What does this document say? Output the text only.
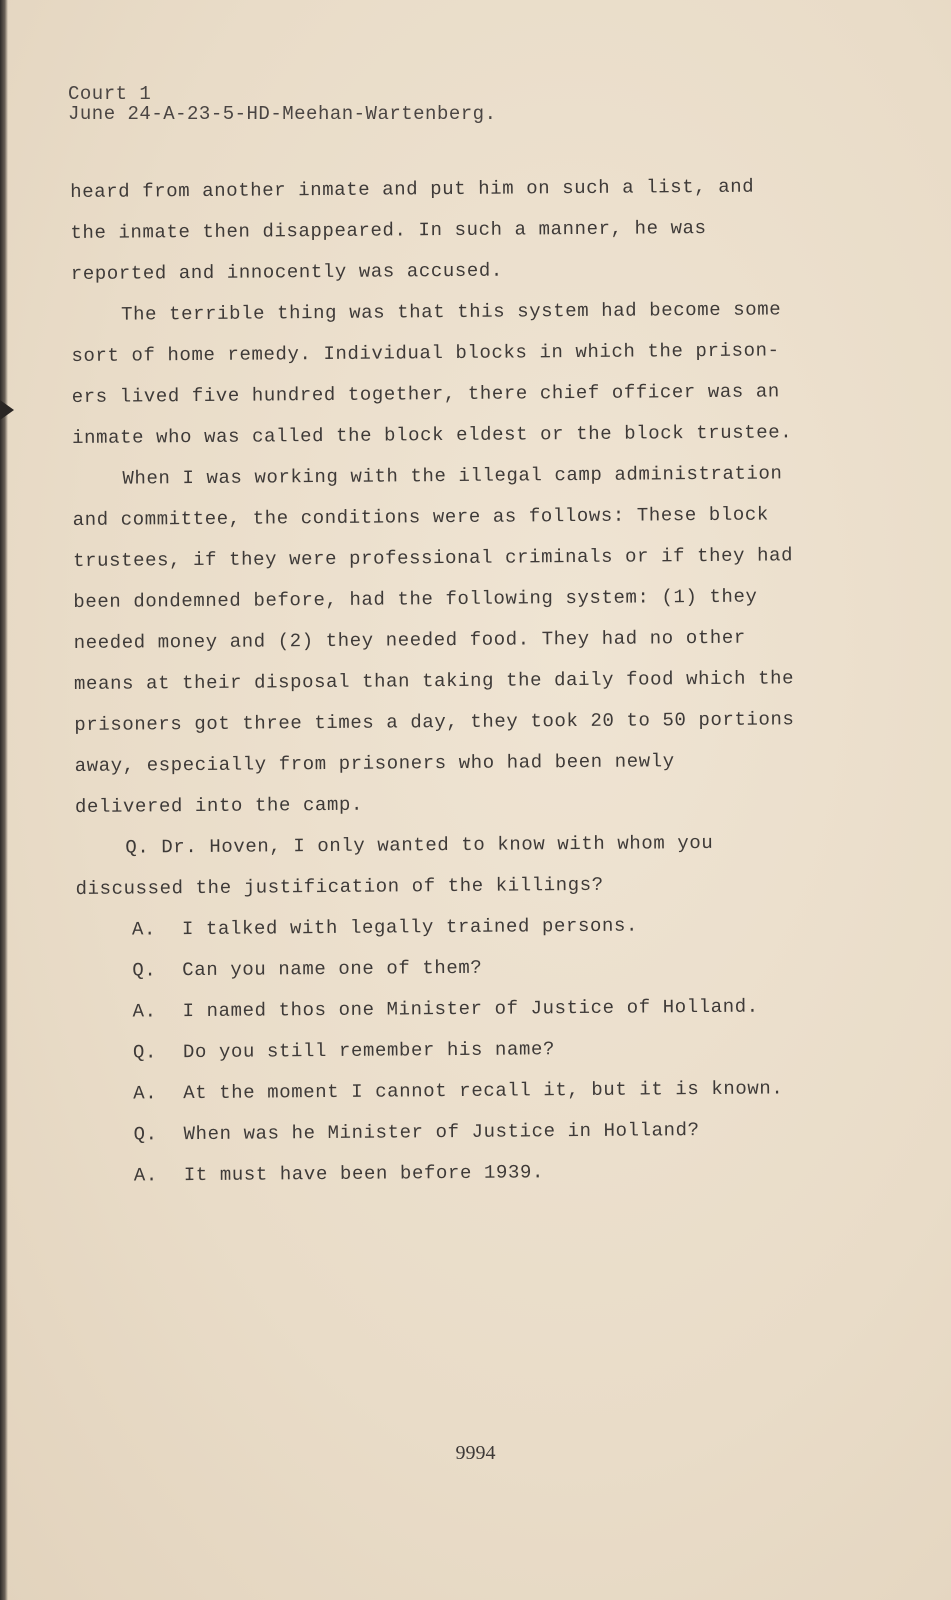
Court 1
June 24-A-23-5-HD-Meehan-Wartenberg.
heard from another inmate and put him on such a list, and
the inmate then disappeared. In such a manner, he was
reported and innocently was accused.
The terrible thing was that this system had become some
sort of home remedy. Individual blocks in which the prison-
ers lived five hundred together, there chief officer was an
inmate who was called the block eldest or the block trustee.
When I was working with the illegal camp administration
and committee, the conditions were as follows: These block
trustees, if they were professional criminals or if they had
been dondemned before, had the following system: (1) they
needed money and (2) they needed food. They had no other
means at their disposal than taking the daily food which the
prisoners got three times a day, they took 20 to 50 portions
away, especially from prisoners who had been newly
delivered into the camp.
Q. Dr. Hoven, I only wanted to know with whom you
discussed the justification of the killings?
A. I talked with legally trained persons.
Q. Can you name one of them?
A. I named thos one Minister of Justice of Holland.
Q. Do you still remember his name?
A. At the moment I cannot recall it, but it is known.
Q. When was he Minister of Justice in Holland?
A. It must have been before 1939.
9994
